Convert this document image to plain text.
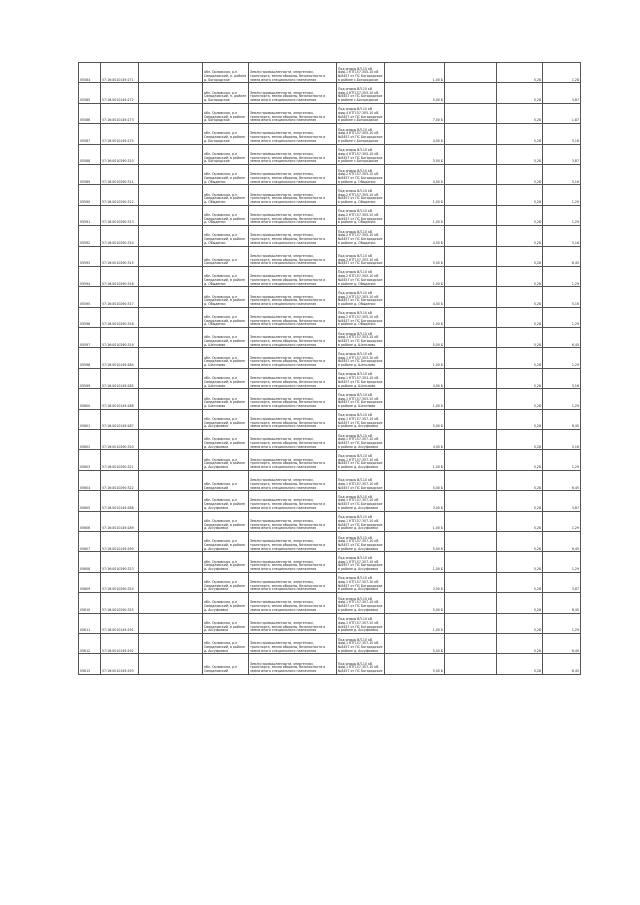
05584	57:16:0010149:271		обл. Орловская, р-н Свердловский, п. районе д. Богородское	Земли промышленности, энергетики, транспорта, земли обороны, безопасности и земли иного специального назначения	Под опоры ВЛ-10 кВ фид.1 КТП-57-305-10 кВ №8457 от ПС Богородское в районе с.Богородское	1,00 Б		5,28	1,28
05585	57:16:0010149:272		обл. Орловская, р-н Свердловский, п. районе д. Богородское	Земли промышленности, энергетики, транспорта, земли обороны, безопасности и земли иного специального назначения	Под опоры ВЛ-10 кВ фид.4 КТП-57-305-10 кВ №8457 от ПС Богородское в районе с.Богородское	5,00 Б		5,28	3,87
05586	57:16:0010149:273		обл. Орловская, р-н Свердловский, в районе д. Богородское	Земли промышленности, энергетики, транспорта, земли обороны, безопасности и земли иного специального назначения	Под опоры ВЛ-10 кВ фид.4 КТП-57-305-10 кВ №8457 от ПС Богородское в районе с.Богородское	7,00 Б		5,28	1,87
05587	57:16:0010149:274		обл. Орловская, р-н Свердловский, в районе д. Богородское	Земли промышленности, энергетики, транспорта, земли обороны, безопасности и земли иного специального назначения	Под опоры ВЛ-10 кВ фид.4 КТП-57-305-10 кВ №8457 от ПС Богородское в районе с.Богородское	4,00 Б		5,28	5,16
05588	57:16:0010290:310		обл. Орловская, р-н Свердловский, в районе д. Богородское	Земли промышленности, энергетики, транспорта, земли обороны, безопасности и земли иного специального назначения	Под опоры ВЛ-10 кВ фид.4 КТП-57-305-10 кВ №8457 от ПС Богородское в районе с.Богородское	3,00 Б		5,28	3,87
05589	57:16:0010290:311		обл. Орловская, р-н Свердловский, в районе д. Обыденки	Земли промышленности, энергетики, транспорта, земли обороны, безопасности и земли иного специального назначения	Под опоры ВЛ-10 кВ фид.2 КТП-57-305-10 кВ №8457 от ПС Богородское в районе д. Обыденки	4,00 Б		5,28	5,16
05590	57:16:0010290:312		обл. Орловская, р-н Свердловский, в районе д. Обыденки	Земли промышленности, энергетики, транспорта, земли обороны, безопасности и земли иного специального назначения	Под опоры ВЛ-10 кВ фид.2 КТП-57-305-10 кВ №8457 от ПС Богородское в районе д. Обыденки	1,00 Б		5,28	1,29
05591	57:16:0010290:313		обл. Орловская, р-н Свердловский, в районе д. Обыденки	Земли промышленности, энергетики, транспорта, земли обороны, безопасности и земли иного специального назначения	Под опоры ВЛ-10 кВ фид.2 КТП-57-305-10 кВ №8457 от ПС Богородское в районе д. Обыденки	1,00 Б		5,28	1,29
05592	57:16:0010290:314		обл. Орловская, р-н Свердловский, в районе д. Обыденки	Земли промышленности, энергетики, транспорта, земли обороны, безопасности и земли иного специального назначения	Под опоры ВЛ-10 кВ фид.2 КТП-57-305-10 кВ №8457 от ПС Богородское в районе д. Обыденки	4,00 Б		5,28	5,16
05593	57:16:0010290:315		обл. Орловская, р-н Свердловский	Земли промышленности, энергетики, транспорта, земли обороны, безопасности и земли иного специального назначения	Под опоры ВЛ-10 кВ фид.2 КТП-57-305-10 кВ №8457 от ПС Богородское	5,00 Б		5,28	6,45
05594	57:16:0010290:316		обл. Орловская, р-н Свердловский, в районе д. Обыденки	Земли промышленности, энергетики, транспорта, земли обороны, безопасности и земли иного специального назначения	Под опоры ВЛ-10 кВ фид.2 КТП-57-305-10 кВ №8457 от ПС Богородское в районе д. Обыденки	1,00 Б		5,28	1,29
05595	57:16:0010290:317		обл. Орловская, р-н Свердловский, в районе д. Обыденки	Земли промышленности, энергетики, транспорта, земли обороны, безопасности и земли иного специального назначения	Под опоры ВЛ-10 кВ фид.2 КТП-57-305-10 кВ №8457 от ПС Богородское в районе д. Обыденки	4,00 Б		5,28	5,16
05596	57:16:0010290:318		обл. Орловская, р-н Свердловский, в районе д. Обыденки	Земли промышленности, энергетики, транспорта, земли обороны, безопасности и земли иного специального назначения	Под опоры ВЛ-10 кВ фид.2 КТП-57-305-10 кВ №8457 от ПС Богородское в районе д. Обыденки	1,00 Б		5,28	1,29
05597	57:16:0010290:319		обл. Орловская, р-н Свердловский, в районе д. Шатилово	Земли промышленности, энергетики, транспорта, земли обороны, безопасности и земли иного специального назначения	Под опоры ВЛ-10 кВ фид.1 КТП-57-303-10 кВ №8457 от ПС Богородское в районе д. Шатилово	5,00 Б		5,28	6,45
05598	57:16:0010149:284		обл. Орловская, р-н Свердловский, в районе д. Шатилово	Земли промышленности, энергетики, транспорта, земли обороны, безопасности и земли иного специального назначения	Под опоры ВЛ-10 кВ фид.1 КТП-57-303-10 кВ №8457 от ПС Богородское в районе д. Шатилово	1,00 Б		5,28	1,29
05599	57:16:0010149:285		обл. Орловская, р-н Свердловский, в районе д. Шатилово	Земли промышленности, энергетики, транспорта, земли обороны, безопасности и земли иного специального назначения	Под опоры ВЛ-10 кВ фид.1 КТП-57-303-10 кВ №8457 от ПС Богородское в районе д. Шатилово	4,00 Б		5,28	5,16
05600	57:16:0010149:286		обл. Орловская, р-н Свердловский, в районе д. Шатилово	Земли промышленности, энергетики, транспорта, земли обороны, безопасности и земли иного специального назначения	Под опоры ВЛ-10 кВ фид.1 КТП-57-303-10 кВ №8457 от ПС Богородское в районе д. Шатилово	1,00 Б		5,28	1,29
05601	57:16:0010149:287		обл. Орловская, р-н Свердловский, в районе д. Ассуфьевка	Земли промышленности, энергетики, транспорта, земли обороны, безопасности и земли иного специального назначения	Под опоры ВЛ-10 кВ фид.1 КТП-57-307-10 кВ №8457 от ПС Богородское в районе д. Ассуфьевка	5,00 Б		5,28	6,45
05602	57:16:0010290:320		обл. Орловская, р-н Свердловский, в районе д. Ассуфьевка	Земли промышленности, энергетики, транспорта, земли обороны, безопасности и земли иного специального назначения	Под опоры ВЛ-10 кВ фид.1 КТП-57-307-10 кВ №8457 от ПС Богородское в районе д. Ассуфьевка	4,00 Б		5,28	5,16
05603	57:16:0010290:321		обл. Орловская, р-н Свердловский, в районе д. Ассуфьевка	Земли промышленности, энергетики, транспорта, земли обороны, безопасности и земли иного специального назначения	Под опоры ВЛ-10 кВ фид.1 КТП-57-307-10 кВ №8457 от ПС Богородское в районе д. Ассуфьевка	1,00 Б		5,28	1,29
05604	57:16:0010290:322		обл. Орловская, р-н Свердловский	Земли промышленности, энергетики, транспорта, земли обороны, безопасности и земли иного специального назначения	Под опоры ВЛ-10 кВ фид.1 КТП-57-307-10 кВ №8457 от ПС Богородское	5,00 Б		5,28	6,45
05605	57:16:0010149:288		обл. Орловская, р-н Свердловский, в районе д. Ассуфьевка	Земли промышленности, энергетики, транспорта, земли обороны, безопасности и земли иного специального назначения	Под опоры ВЛ-10 кВ фид.1 КТП-57-307-10 кВ №8457 от ПС Богородское в районе д. Ассуфьевка	3,00 Б		5,28	3,87
05606	57:16:0010149:289		обл. Орловская, р-н Свердловский, в районе д. Ассуфьевка	Земли промышленности, энергетики, транспорта, земли обороны, безопасности и земли иного специального назначения	Под опоры ВЛ-10 кВ фид.1 КТП-57-307-10 кВ №8457 от ПС Богородское в районе д. Ассуфьевка	1,00 Б		5,28	1,29
05607	57:16:0010149:290		обл. Орловская, р-н Свердловский, в районе д. Ассуфьевка	Земли промышленности, энергетики, транспорта, земли обороны, безопасности и земли иного специального назначения	Под опоры ВЛ-10 кВ фид.1 КТП-57-307-10 кВ №8457 от ПС Богородское в районе д. Ассуфьевка	5,00 Б		5,28	6,45
05608	57:16:0010290:323		обл. Орловская, р-н Свердловский, в районе д. Ассуфьевка	Земли промышленности, энергетики, транспорта, земли обороны, безопасности и земли иного специального назначения	Под опоры ВЛ-10 кВ фид.1 КТП-57-307-10 кВ №8457 от ПС Богородское в районе д. Ассуфьевка	1,00 Б		5,28	1,29
05609	57:16:0010290:324		обл. Орловская, р-н Свердловский, в районе д. Ассуфьевка	Земли промышленности, энергетики, транспорта, земли обороны, безопасности и земли иного специального назначения	Под опоры ВЛ-10 кВ фид.1 КТП-57-307-10 кВ №8457 от ПС Богородское в районе д. Ассуфьевка	3,00 Б		5,28	3,87
05610	57:16:0010290:325		обл. Орловская, р-н Свердловский, в районе д. Ассуфьевка	Земли промышленности, энергетики, транспорта, земли обороны, безопасности и земли иного специального назначения	Под опоры ВЛ-10 кВ фид.1 КТП-57-307-10 кВ №8457 от ПС Богородское в районе д. Ассуфьевка	5,00 Б		5,28	6,45
05611	57:16:0010149:291		обл. Орловская, р-н Свердловский, в районе д. Ассуфьевка	Земли промышленности, энергетики, транспорта, земли обороны, безопасности и земли иного специального назначения	Под опоры ВЛ-10 кВ фид.1 КТП-57-307-10 кВ №8457 от ПС Богородское в районе д. Ассуфьевка	1,00 Б		5,28	1,29
05612	57:16:0010149:292		обл. Орловская, р-н Свердловский, в районе д. Ассуфьевка	Земли промышленности, энергетики, транспорта, земли обороны, безопасности и земли иного специального назначения	Под опоры ВЛ-10 кВ фид.1 КТП-57-307-10 кВ №8457 от ПС Богородское в районе д. Ассуфьевка	5,00 Б		5,28	6,45
05613	57:16:0010149:293		обл. Орловская, р-н Свердловский	Земли промышленности, энергетики, транспорта, земли обороны, безопасности и земли иного специального назначения	Под опоры ВЛ-10 кВ фид.1 КТП-57-307-10 кВ №8457 от ПС Богородское	5,00 Б		5,28	6,45
